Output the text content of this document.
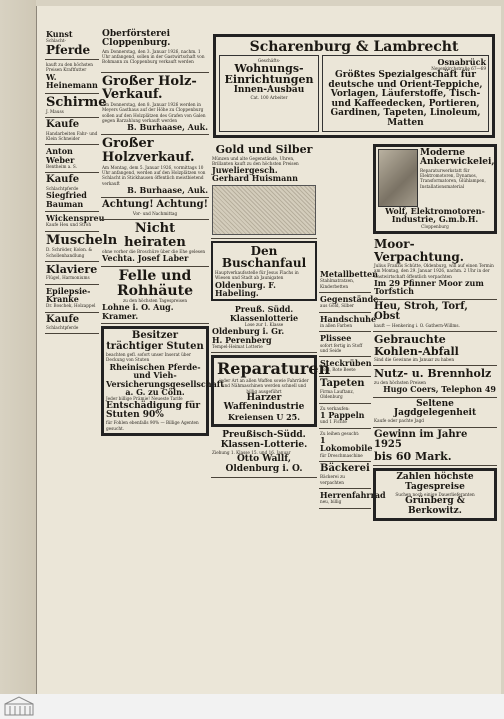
Kunst
Schlacht-
Pferde
kauft zu den höchsten Preisen Kraftfutter
W. Heinemann
Schirme
J. Mauss
Kaufe
Handarbeiten Fahr- und Klein Schneider
Anton Weber
Bentheim a. S.
Kaufe
Schlachtpferde
Siegfried Bauman
Wickenspreu
Kaufe Heu und Stroh
Muscheln
D. Schröder, Kolon. & Schollenhandlung
Klaviere
Flügel, Harmoniums
Epilepsie-Kranke
Dr. Boschek, Holzappel
Kaufe
Schlachtpferde
Oberförsterei Cloppenburg.
Am Donnerstag, den 3. Januar 1926, nachm. 1 Uhr anfangend, sollen in der Gastwirtschaft von Bohmann zu Cloppenburg verkauft werden

Großer Holz-Verkauf.
Am Donnerstag, den 8. Januar 1926 werden in Meyers Gasthaus auf der Höhe zu Cloppenburg sollen auf den Holzplätzen des Grafen von Galen gegen Barzahlung verkauft werden
B. Burhaase, Auk.
Großer Holzverkauf.
Am Montag, dem 5. Januar 1926, vormittags 10 Uhr anfangend, werden auf den Holzplätzen von Schlacht in Stickhausen öffentlich meistbietend verkauft
B. Burhaase, Auk.
Achtung! Achtung!
Vor- und Nachmittag
Nicht heiraten
ohne vorher die Broschüre über die Ehe gelesen
Vechta. Josef Laber
Felle und Rohhäute
zu den höchsten Tagespreisen
Lohne i. O. Aug. Kramer.
Besitzer trächtiger Stuten
beachten gefl. sofort unser Inserat über Deckung von Stuten
Rheinischen Pferde- und Vieh-Versicherungsgesellschaft a. G. zu Cöln.
Jeder billige Prämie! Neueste Tarife
Entschädigung für Stuten 90%
für Fohlen ebenfalls 90% — Billige Agenten gesucht.
Scharenburg & Lambrecht
Geschäfts-
Wohnungs- Einrichtungen
Innen-Ausbau
Cat. 100 Arbeiter
Osnabrück
Neuenkirchstraße 67—69
Größtes Spezialgeschäft für deutsche und Orient-Teppiche, Vorlagen, Läuferstoffe, Tisch- und Kaffeedecken, Portieren, Gardinen, Tapeten, Linoleum, Matten
Gold und Silber
Münzen und alte Gegenstände, Uhren, Brillanten kauft zu den höchsten Preisen
Juweliergesch. Gerhard Huismann
Den Buschanfaul
Hauptverkaufsstelle für Jesus Flachs in Wiesen und Stadt ab Jaunigaten
Oldenburg. F. Habeling.
Preuß. Südd. Klassenlotterie
Lose zur 1. Klasse
Oldenburg i. Gr.
H. Perenberg
Tempel-Heimat Lotterie
Reparaturen
jeder Art an allen Waffen sowie Fahrräder und Nähmaschinen werden schnell und billig ausgeführt
Harzer Waffenindustrie
Kreiensen U 25.
Preußisch-Südd. Klassen-Lotterie.
Ziehung 1. Klasse 15. und 16. Januar
Otto Wallf, Oldenburg i. O.
Metallbetten
Stahlmatratzen, Kinderbetten
Gegenstände
aus Gold, Silber
Handschuhe
in allen Farben
Plissee
sofort fertig in Stoff und Seide
Steckrüben
Kohl, Rote Beete
Tapeten
Firma Lauftanz, Oldenburg
Zu verkaufen:
1 Pappeln
und 1 Fichte
Zu leihen gesucht:
1 Lokomobile
für Dreschmaschine
Bäckerei
Bäckerei zu verpachten
Herrenfahrrad
neu, billig
Moderne Ankerwickelei,
Reparaturwerkstatt für Elektromotoren, Dynamos, Transformatoren, Glühlampen, Installationsmaterial
Wolf, Elektromotoren-Industrie, G.m.b.H.
Cloppenburg
Moor-Verpachtung.
Julius Franzis Schütte, Oldenburg, will auf einen Termin am Montag, den 29. Januar 1926, nachm. 2 Uhr in der Gastwirtschaft öffentlich verpachten
Im 29 Pfinner Moor zum Torfstich
Heu, Stroh, Torf, Obst
kauft — Henkering i. O. Gathern-Willms.
Gebrauchte Kohlen-Abfall
Sind die Gewinne im Januar zu haben
Nutz- u. Brennholz
zu den höchsten Preisen
Hugo Coers, Telephon 49
Seltene Jagdgelegenheit
Kaufe oder pachte Jagd
Gewinn im Jahre 1925
bis 60 Mark.
Zahlen höchste Tagespreise
Suchen noch einige Dauerlieferanten
Grünberg & Berkowitz.
